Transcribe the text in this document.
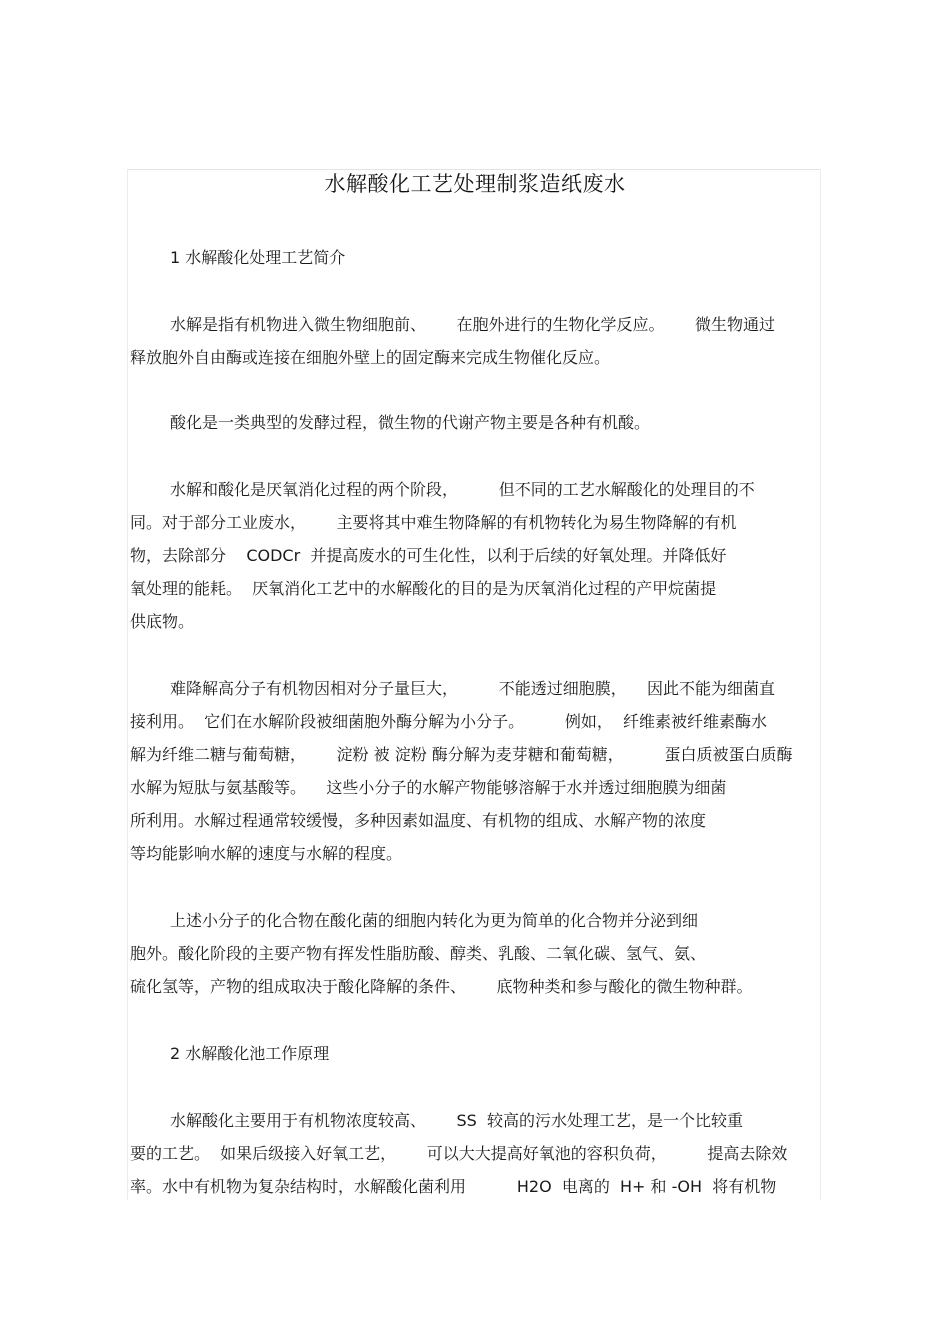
水解酸化工艺处理制浆造纸废水
1 水解酸化处理工艺简介
水解是指有机物进入微生物细胞前、      在胞外进行的生物化学反应。      微生物通过
释放胞外自由酶或连接在细胞外壁上的固定酶来完成生物催化反应。
酸化是一类典型的发酵过程，微生物的代谢产物主要是各种有机酸。
水解和酸化是厌氧消化过程的两个阶段，        但不同的工艺水解酸化的处理目的不
同。对于部分工业废水，      主要将其中难生物降解的有机物转化为易生物降解的有机
物，去除部分    CODCr  并提高废水的可生化性，以利于后续的好氧处理。并降低好
氧处理的能耗。  厌氧消化工艺中的水解酸化的目的是为厌氧消化过程的产甲烷菌提
供底物。
难降解高分子有机物因相对分子量巨大，        不能透过细胞膜，    因此不能为细菌直
接利用。  它们在水解阶段被细菌胞外酶分解为小分子。        例如，  纤维素被纤维素酶水
解为纤维二糖与葡萄糖，      淀粉 被 淀粉 酶分解为麦芽糖和葡萄糖，        蛋白质被蛋白质酶
水解为短肽与氨基酸等。    这些小分子的水解产物能够溶解于水并透过细胞膜为细菌
所利用。水解过程通常较缓慢，多种因素如温度、有机物的组成、水解产物的浓度
等均能影响水解的速度与水解的程度。
上述小分子的化合物在酸化菌的细胞内转化为更为简单的化合物并分泌到细
胞外。酸化阶段的主要产物有挥发性脂肪酸、醇类、乳酸、二氧化碳、氢气、氨、
硫化氢等，产物的组成取决于酸化降解的条件、      底物种类和参与酸化的微生物种群。
2 水解酸化池工作原理
水解酸化主要用于有机物浓度较高、      SS  较高的污水处理工艺，是一个比较重
要的工艺。  如果后级接入好氧工艺，      可以大大提高好氧池的容积负荷，        提高去除效
率。水中有机物为复杂结构时，水解酸化菌利用          H2O  电离的  H+ 和 -OH  将有机物
